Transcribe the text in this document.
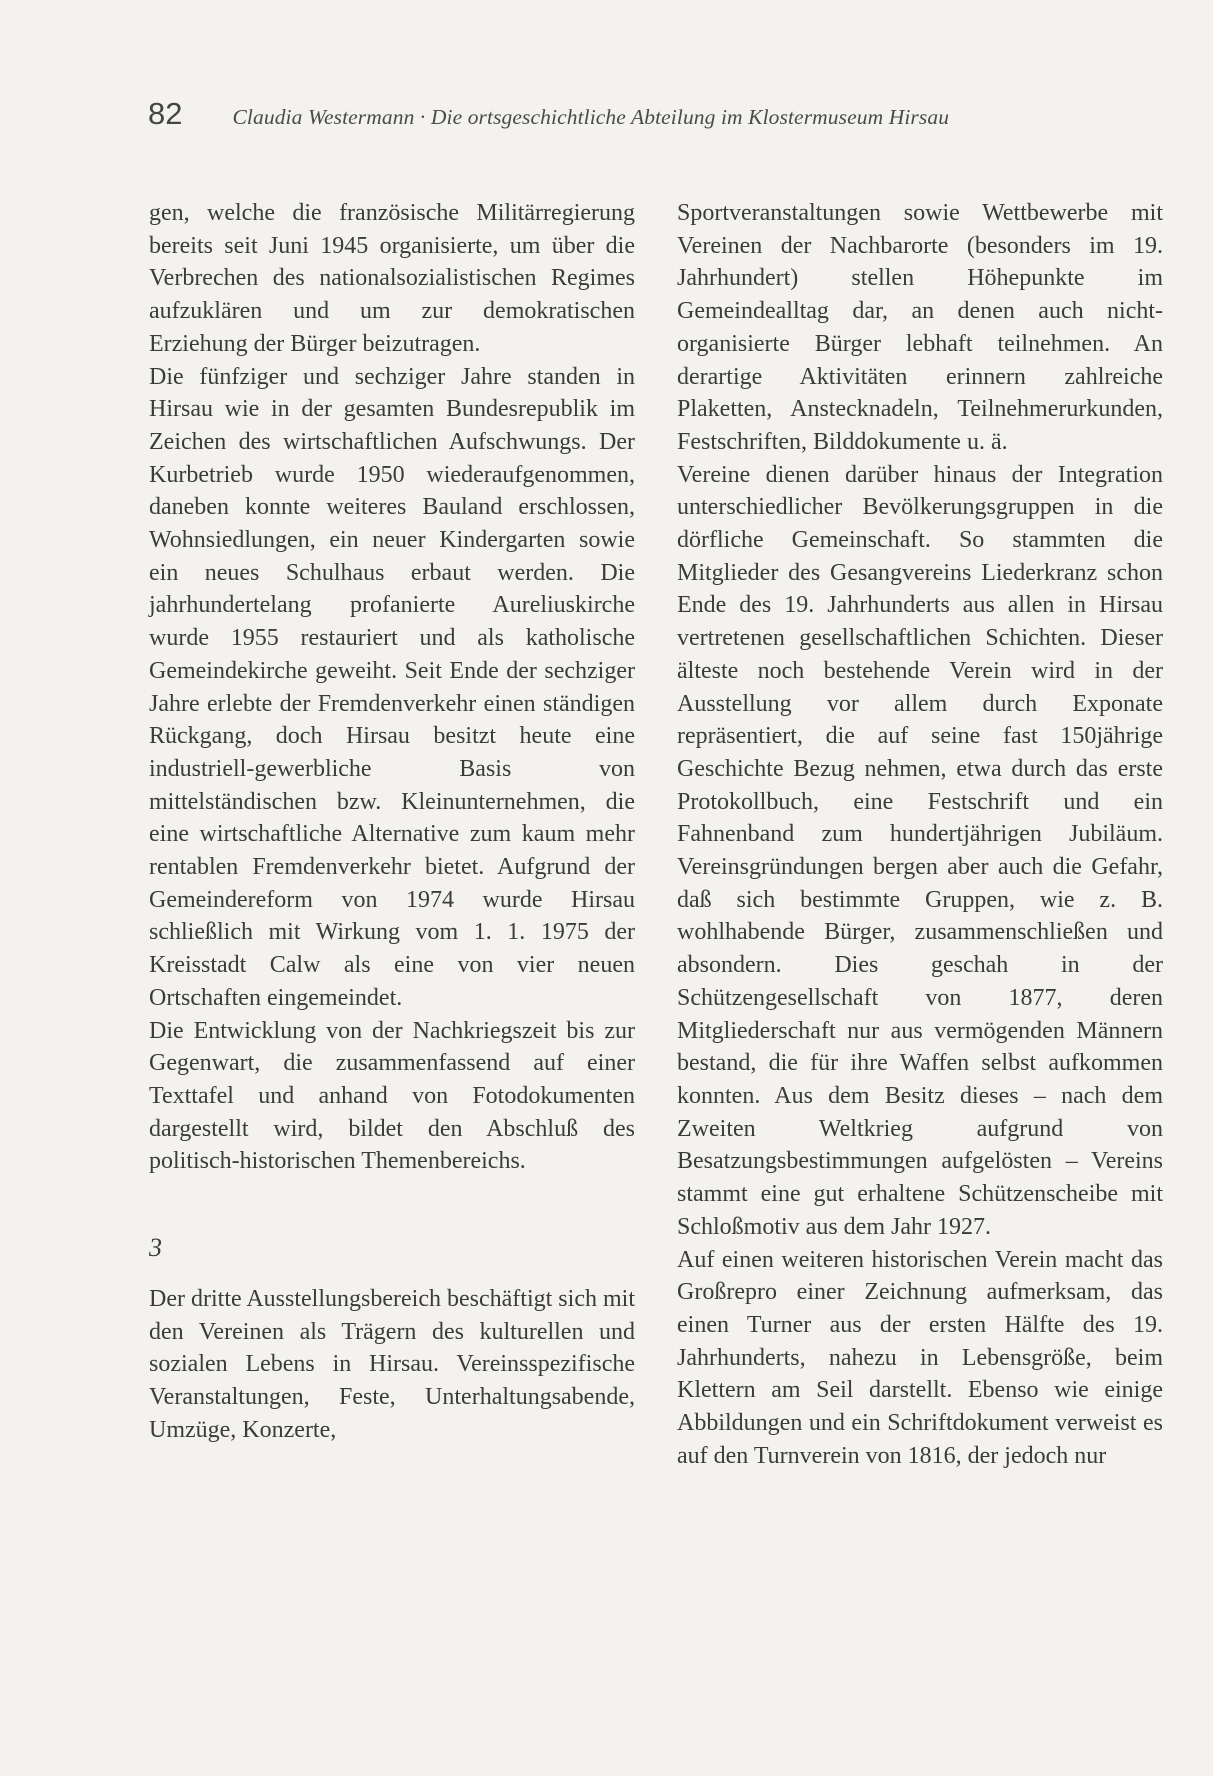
82 Claudia Westermann · Die ortsgeschichtliche Abteilung im Klostermuseum Hirsau

gen, welche die französische Militärregierung bereits seit Juni 1945 organisierte, um über die Verbrechen des nationalsozialistischen Regimes aufzuklären und um zur demokratischen Erziehung der Bürger beizutragen.

Die fünfziger und sechziger Jahre standen in Hirsau wie in der gesamten Bundesrepublik im Zeichen des wirtschaftlichen Aufschwungs. Der Kurbetrieb wurde 1950 wiederaufgenommen, daneben konnte weiteres Bauland erschlossen, Wohnsiedlungen, ein neuer Kindergarten sowie ein neues Schulhaus erbaut werden. Die jahrhundertelang profanierte Aureliuskirche wurde 1955 restauriert und als katholische Gemeindekirche geweiht. Seit Ende der sechziger Jahre erlebte der Fremdenverkehr einen ständigen Rückgang, doch Hirsau besitzt heute eine industriell-gewerbliche Basis von mittelständischen bzw. Kleinunternehmen, die eine wirtschaftliche Alternative zum kaum mehr rentablen Fremdenverkehr bietet. Aufgrund der Gemeindereform von 1974 wurde Hirsau schließlich mit Wirkung vom 1. 1. 1975 der Kreisstadt Calw als eine von vier neuen Ortschaften eingemeindet.

Die Entwicklung von der Nachkriegszeit bis zur Gegenwart, die zusammenfassend auf einer Texttafel und anhand von Fotodokumenten dargestellt wird, bildet den Abschluß des politisch-historischen Themenbereichs.

3

Der dritte Ausstellungsbereich beschäftigt sich mit den Vereinen als Trägern des kulturellen und sozialen Lebens in Hirsau. Vereinsspezifische Veranstaltungen, Feste, Unterhaltungsabende, Umzüge, Konzerte,

Sportveranstaltungen sowie Wettbewerbe mit Vereinen der Nachbarorte (besonders im 19. Jahrhundert) stellen Höhepunkte im Gemeindealltag dar, an denen auch nicht-organisierte Bürger lebhaft teilnehmen. An derartige Aktivitäten erinnern zahlreiche Plaketten, Anstecknadeln, Teilnehmerurkunden, Festschriften, Bilddokumente u. ä.

Vereine dienen darüber hinaus der Integration unterschiedlicher Bevölkerungsgruppen in die dörfliche Gemeinschaft. So stammten die Mitglieder des Gesangvereins Liederkranz schon Ende des 19. Jahrhunderts aus allen in Hirsau vertretenen gesellschaftlichen Schichten. Dieser älteste noch bestehende Verein wird in der Ausstellung vor allem durch Exponate repräsentiert, die auf seine fast 150jährige Geschichte Bezug nehmen, etwa durch das erste Protokollbuch, eine Festschrift und ein Fahnenband zum hundertjährigen Jubiläum. Vereinsgründungen bergen aber auch die Gefahr, daß sich bestimmte Gruppen, wie z. B. wohlhabende Bürger, zusammenschließen und absondern. Dies geschah in der Schützengesellschaft von 1877, deren Mitgliederschaft nur aus vermögenden Männern bestand, die für ihre Waffen selbst aufkommen konnten. Aus dem Besitz dieses – nach dem Zweiten Weltkrieg aufgrund von Besatzungsbestimmungen aufgelösten – Vereins stammt eine gut erhaltene Schützenscheibe mit Schloßmotiv aus dem Jahr 1927.

Auf einen weiteren historischen Verein macht das Großrepro einer Zeichnung aufmerksam, das einen Turner aus der ersten Hälfte des 19. Jahrhunderts, nahezu in Lebensgröße, beim Klettern am Seil darstellt. Ebenso wie einige Abbildungen und ein Schriftdokument verweist es auf den Turnverein von 1816, der jedoch nur
